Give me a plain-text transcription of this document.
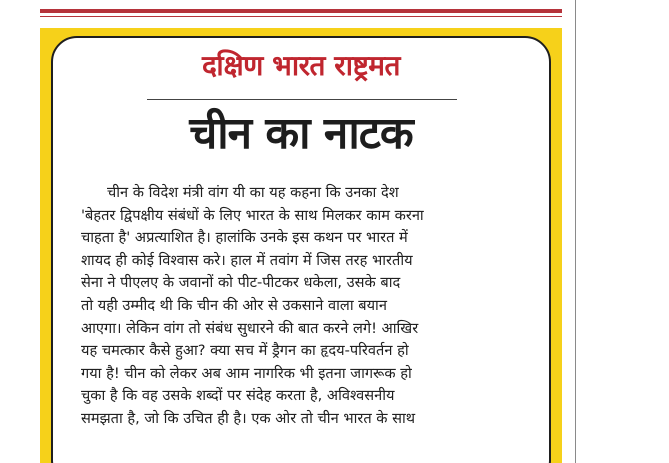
दक्षिण भारत राष्ट्रमत
चीन का नाटक
चीन के विदेश मंत्री वांग यी का यह कहना कि उनका देश
'बेहतर द्विपक्षीय संबंधों के लिए भारत के साथ मिलकर काम करना
चाहता है' अप्रत्याशित है। हालांकि उनके इस कथन पर भारत में
शायद ही कोई विश्वास करे। हाल में तवांग में जिस तरह भारतीय
सेना ने पीएलए के जवानों को पीट-पीटकर धकेला, उसके बाद
तो यही उम्मीद थी कि चीन की ओर से उकसाने वाला बयान
आएगा। लेकिन वांग तो संबंध सुधारने की बात करने लगे! आखिर
यह चमत्कार कैसे हुआ? क्या सच में ड्रैगन का हृदय-परिवर्तन हो
गया है! चीन को लेकर अब आम नागरिक भी इतना जागरूक हो
चुका है कि वह उसके शब्दों पर संदेह करता है, अविश्वसनीय
समझता है, जो कि उचित ही है। एक ओर तो चीन भारत के साथ
